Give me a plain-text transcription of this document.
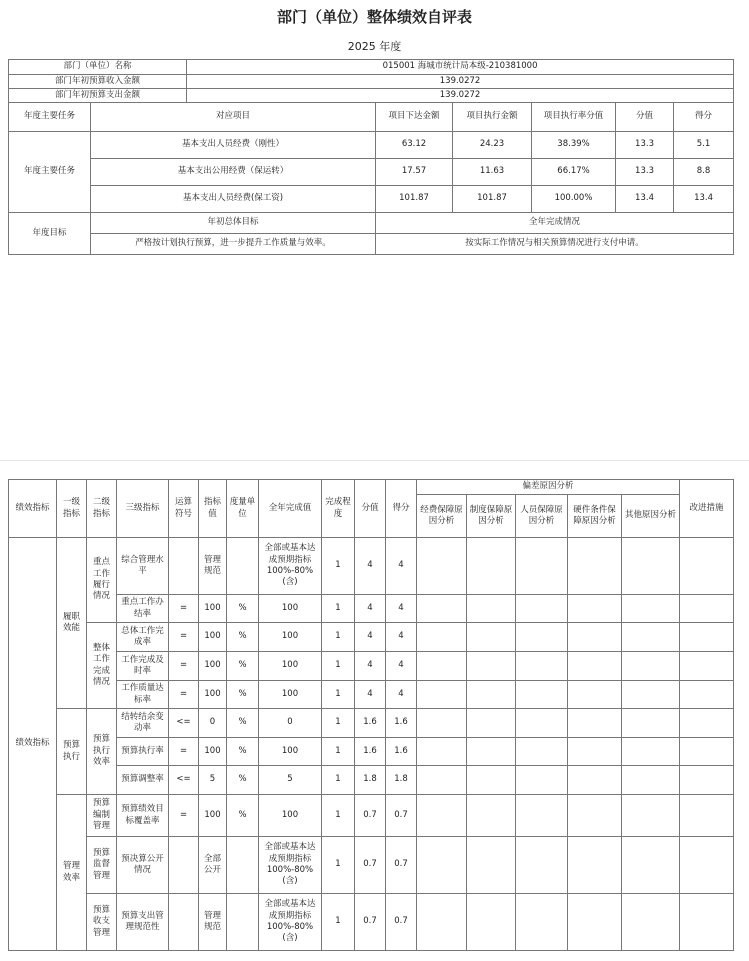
部门（单位）整体绩效自评表
2025 年度
部门（单位）名称		015001 海城市统计局本级-210381000					
部门年初预算收入金额		139.0272					
部门年初预算支出金额		139.0272					
年度主要任务	对应项目		项目下达金额	项目执行金额	项目执行率分值	分值	得分
年度主要任务	基本支出人员经费（刚性）		63.12	24.23	38.39%	13.3	5.1
	基本支出公用经费（保运转）		17.57	11.63	66.17%	13.3	8.8
	基本支出人员经费(保工资)		101.87	101.87	100.00%	13.4	13.4
年度目标	年初总体目标		全年完成情况				
	严格按计划执行预算，进一步提升工作质量与效率。		按实际工作情况与相关预算情况进行支付申请。				
绩效指标	一级指标	二级指标	三级指标	运算符号	指标值	度量单位	全年完成值	完成程度	分值	得分	偏差原因分析					改进措施
											经费保障原因分析	制度保障原因分析	人员保障原因分析	硬件条件保障原因分析	其他原因分析	
绩效指标	履职效能	重点工作履行情况	综合管理水平		管理规范		全部或基本达成预期指标 100%-80%(含)	1	4	4						
			重点工作办结率	=	100	%	100	1	4	4						
		整体工作完成情况	总体工作完成率	=	100	%	100	1	4	4						
			工作完成及时率	=	100	%	100	1	4	4						
			工作质量达标率	=	100	%	100	1	4	4						
	预算执行	预算执行效率	结转结余变动率	<=	0	%	0	1	1.6	1.6						
			预算执行率	=	100	%	100	1	1.6	1.6						
			预算调整率	<=	5	%	5	1	1.8	1.8						
	管理效率	预算编制管理	预算绩效目标覆盖率	=	100	%	100	1	0.7	0.7						
		预算监督管理	预决算公开情况		全部公开		全部或基本达成预期指标 100%-80%(含)	1	0.7	0.7						
		预算收支管理	预算支出管理规范性		管理规范		全部或基本达成预期指标 100%-80%(含)	1	0.7	0.7						
